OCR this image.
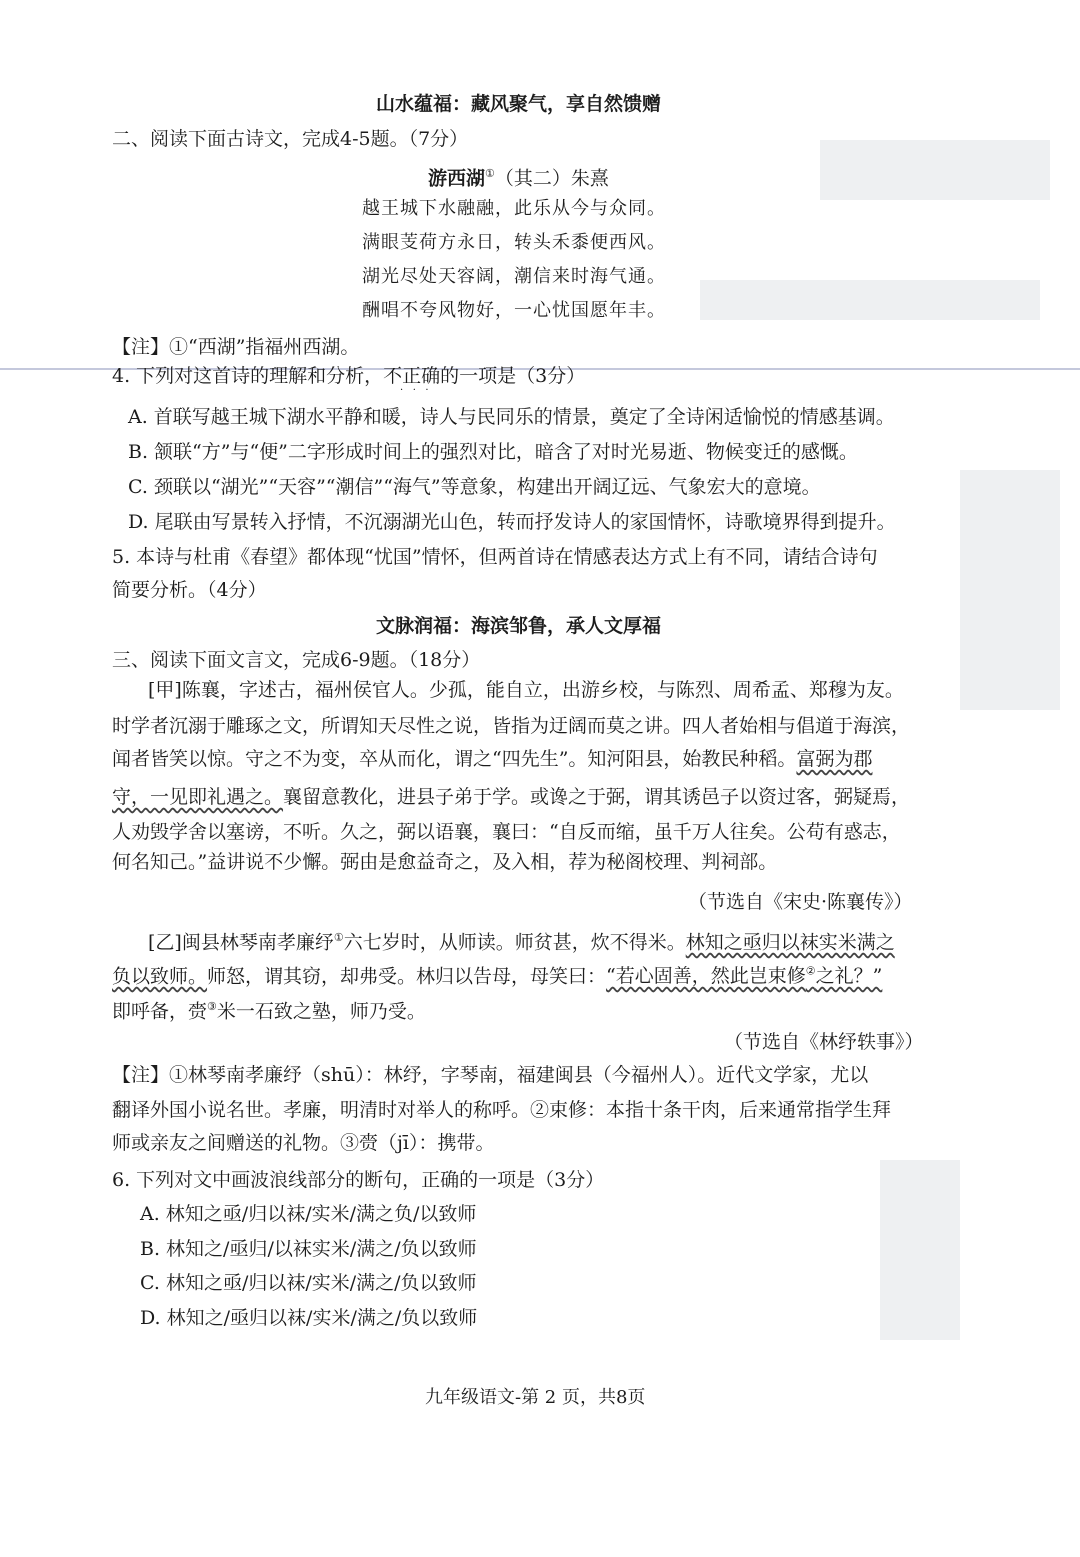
山水蕴福：藏风聚气，享自然馈赠
二、阅读下面古诗文，完成4-5题。（7分）
游西湖①（其二）朱熹
越王城下水融融，此乐从今与众同。
满眼芰荷方永日，转头禾黍便西风。
湖光尽处天容阔，潮信来时海气通。
酬唱不夸风物好，一心忧国愿年丰。
【注】①“西湖”指福州西湖。
4. 下列对这首诗的理解和分析，不正确的一项是（3分）
·   ·   ·
A. 首联写越王城下湖水平静和暖，诗人与民同乐的情景，奠定了全诗闲适愉悦的情感基调。
B. 颔联“方”与“便”二字形成时间上的强烈对比，暗含了对时光易逝、物候变迁的感慨。
C. 颈联以“湖光”“天容”“潮信”“海气”等意象，构建出开阔辽远、气象宏大的意境。
D. 尾联由写景转入抒情，不沉溺湖光山色，转而抒发诗人的家国情怀，诗歌境界得到提升。
5. 本诗与杜甫《春望》都体现“忧国”情怀，但两首诗在情感表达方式上有不同，请结合诗句
简要分析。（4分）
文脉润福：海滨邹鲁，承人文厚福
三、阅读下面文言文，完成6-9题。（18分）
[甲]陈襄，字述古，福州侯官人。少孤，能自立，出游乡校，与陈烈、周希孟、郑穆为友。
时学者沉溺于雕琢之文，所谓知天尽性之说，皆指为迂阔而莫之讲。四人者始相与倡道于海滨，
闻者皆笑以惊。守之不为变，卒从而化，谓之“四先生”。知河阳县，始教民种稻。富弼为郡
守，一见即礼遇之。襄留意教化，进县子弟于学。或谗之于弼，谓其诱邑子以资过客，弼疑焉，
人劝毁学舍以塞谤，不听。久之，弼以语襄，襄曰：“自反而缩，虽千万人往矣。公苟有惑志，
何名知己。”益讲说不少懈。弼由是愈益奇之，及入相，荐为秘阁校理、判祠部。
（节选自《宋史·陈襄传》）
[乙]闽县林琴南孝廉纾①六七岁时，从师读。师贫甚，炊不得米。林知之亟归以袜实米满之
负以致师。师怒，谓其窃，却弗受。林归以告母，母笑曰：“若心固善，然此岂束修②之礼？”
即呼备，赍③米一石致之塾，师乃受。
（节选自《林纾轶事》）
【注】①林琴南孝廉纾（shū）：林纾，字琴南，福建闽县（今福州人）。近代文学家，尤以
翻译外国小说名世。孝廉，明清时对举人的称呼。②束修：本指十条干肉，后来通常指学生拜
师或亲友之间赠送的礼物。③赍（jī）：携带。
6. 下列对文中画波浪线部分的断句，正确的一项是（3分）
A. 林知之亟/归以袜/实米/满之负/以致师
B. 林知之/亟归/以袜实米/满之/负以致师
C. 林知之亟/归以袜/实米/满之/负以致师
D. 林知之/亟归以袜/实米/满之/负以致师
九年级语文-第 2 页，共8页
